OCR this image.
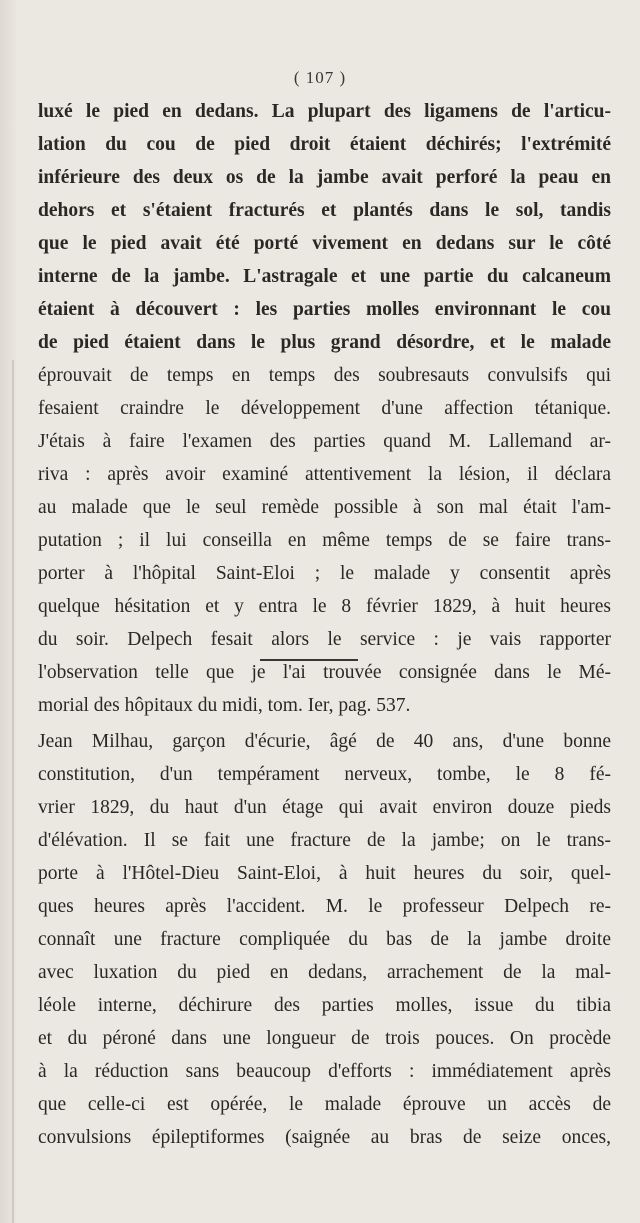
( 107 )
luxé le pied en dedans. La plupart des ligamens de l'articu-
lation du cou de pied droit étaient déchirés; l'extrémité
inférieure des deux os de la jambe avait perforé la peau en
dehors et s'étaient fracturés et plantés dans le sol, tandis
que le pied avait été porté vivement en dedans sur le côté
interne de la jambe. L'astragale et une partie du calcaneum
étaient à découvert : les parties molles environnant le cou
de pied étaient dans le plus grand désordre, et le malade
éprouvait de temps en temps des soubresauts convulsifs qui
fesaient craindre le développement d'une affection tétanique.
J'étais à faire l'examen des parties quand M. Lallemand ar-
riva : après avoir examiné attentivement la lésion, il déclara
au malade que le seul remède possible à son mal était l'am-
putation ; il lui conseilla en même temps de se faire trans-
porter à l'hôpital Saint-Eloi ; le malade y consentit après
quelque hésitation et y entra le 8 février 1829, à huit heures
du soir. Delpech fesait alors le service : je vais rapporter
l'observation telle que je l'ai trouvée consignée dans le Mé-
morial des hôpitaux du midi, tom. Ier, pag. 537.
Jean Milhau, garçon d'écurie, âgé de 40 ans, d'une bonne
constitution, d'un tempérament nerveux, tombe, le 8 fé-
vrier 1829, du haut d'un étage qui avait environ douze pieds
d'élévation. Il se fait une fracture de la jambe; on le trans-
porte à l'Hôtel-Dieu Saint-Eloi, à huit heures du soir, quel-
ques heures après l'accident. M. le professeur Delpech re-
connaît une fracture compliquée du bas de la jambe droite
avec luxation du pied en dedans, arrachement de la mal-
léole interne, déchirure des parties molles, issue du tibia
et du péroné dans une longueur de trois pouces. On procède
à la réduction sans beaucoup d'efforts : immédiatement après
que celle-ci est opérée, le malade éprouve un accès de
convulsions épileptiformes (saignée au bras de seize onces,
